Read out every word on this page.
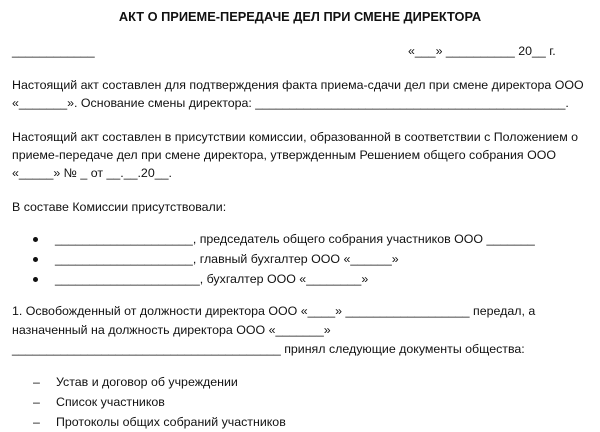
АКТ О ПРИЕМЕ-ПЕРЕДАЧЕ ДЕЛ ПРИ СМЕНЕ ДИРЕКТОРА
____________	«___» __________ 20__ г.
Настоящий акт составлен для подтверждения факта приема-сдачи дел при смене директора ООО
«_______». Основание смены директора: _____________________________________________.
Настоящий акт составлен в присутствии комиссии, образованной в соответствии с Положением о
приеме-передаче дел при смене директора, утвержденным Решением общего собрания ООО
«_____» № _ от __.__.20__.
В составе Комиссии присутствовали:
____________________, председатель общего собрания участников ООО _______
____________________, главный бухгалтер ООО «______»
_____________________, бухгалтер ООО «________»
1. Освобожденный от должности директора ООО «____» __________________ передал, а
назначенный на должность директора ООО «_______»
_______________________________________ принял следующие документы общества:
– Устав и договор об учреждении
– Список участников
– Протоколы общих собраний участников
